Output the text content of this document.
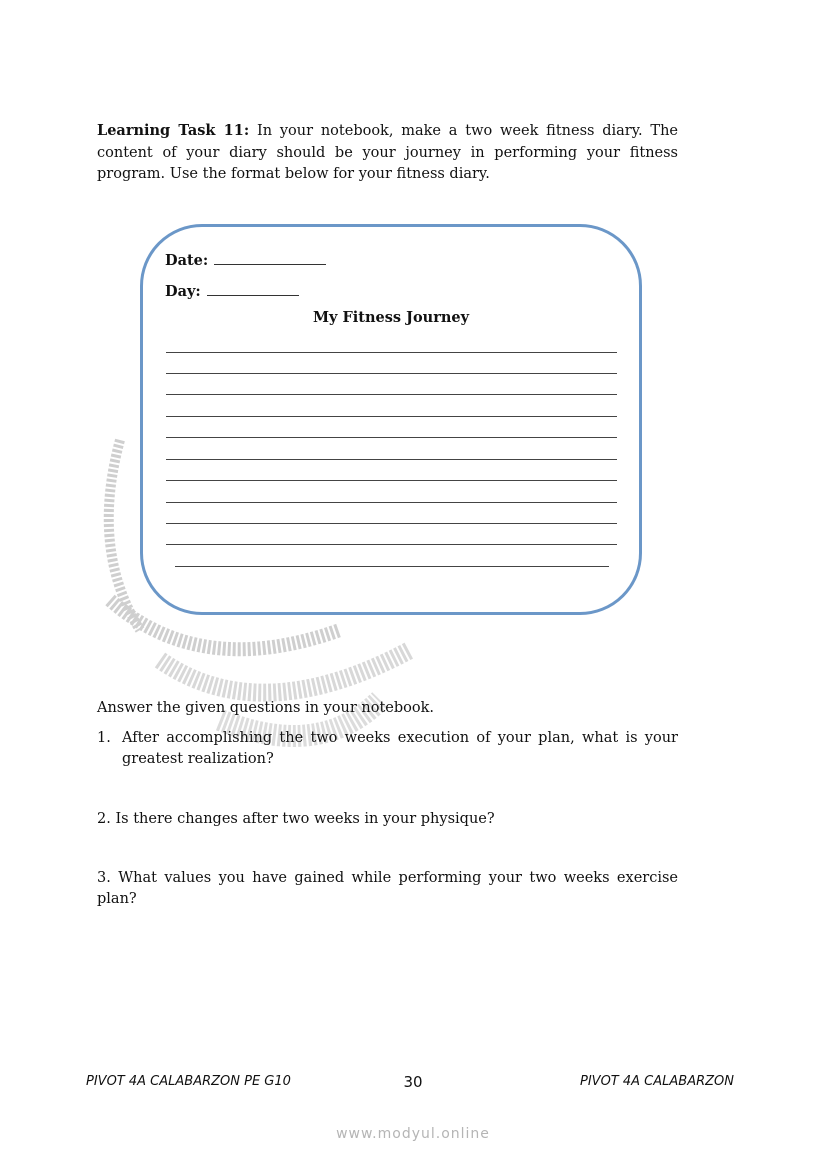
Learning Task 11: In your notebook, make a two week fitness diary. The content of your diary should be your journey in performing your fitness program. Use the format below for your fitness diary.
Date:
Day:
My Fitness Journey
Answer the given questions in your notebook.
1. After accomplishing the two weeks execution of your plan, what is your greatest realization?
2. Is there changes after two weeks in your physique?
3. What values you have gained while performing your two weeks exercise plan?
PIVOT 4A CALABARZON PE G10	30	PIVOT 4A CALABARZON
www.modyul.online
